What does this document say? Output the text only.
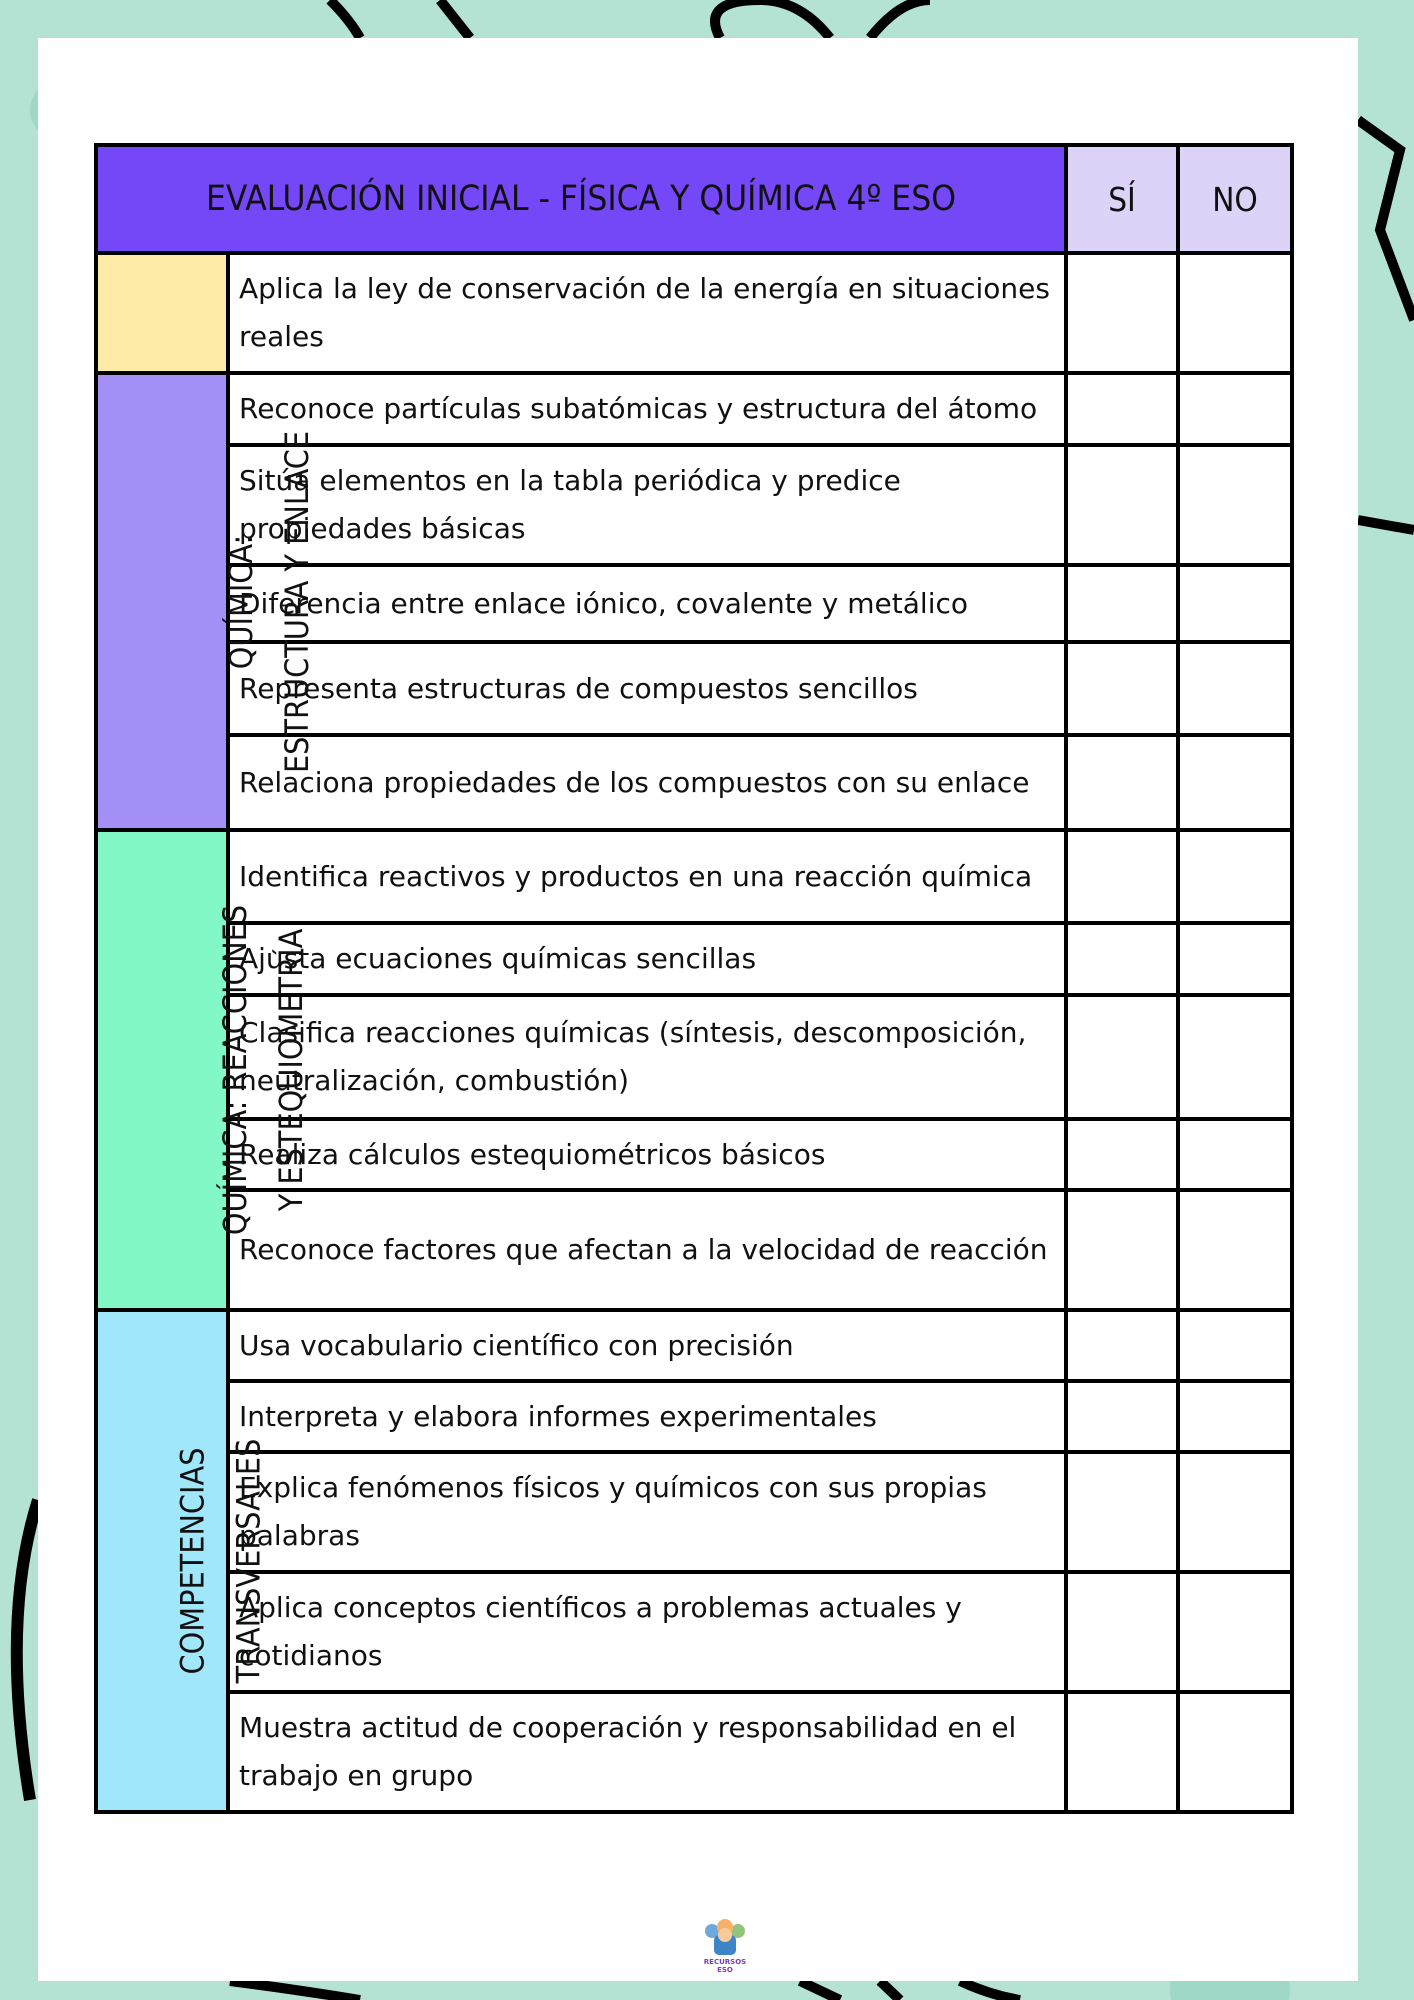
EVALUACIÓN INICIAL - FÍSICA Y QUÍMICA 4º ESO		SÍ	NO
	Aplica la ley de conservación de la energía en situaciones reales		

QUÍMICA: ESTRUCTURA Y ENLACE	Reconoce partículas subatómicas y estructura del átomo		
	Sitúa elementos en la tabla periódica y predice propiedades básicas		
	Diferencia entre enlace iónico, covalente y metálico		
	Representa estructuras de compuestos sencillos		
	Relaciona propiedades de los compuestos con su enlace		

QUÍMICA: REACCIONES Y ESTEQUIOMETRÍA	Identifica reactivos y productos en una reacción química		
	Ajusta ecuaciones químicas sencillas		
	Clasifica reacciones químicas (síntesis, descomposición, neutralización, combustión)		
	Realiza cálculos estequiométricos básicos		
	Reconoce factores que afectan a la velocidad de reacción		

COMPETENCIAS TRANSVERSALES	Usa vocabulario científico con precisión		
	Interpreta y elabora informes experimentales		
	Explica fenómenos físicos y químicos con sus propias palabras		
	Aplica conceptos científicos a problemas actuales y cotidianos		
	Muestra actitud de cooperación y responsabilidad en el trabajo en grupo		
RECURSOS
ESO
